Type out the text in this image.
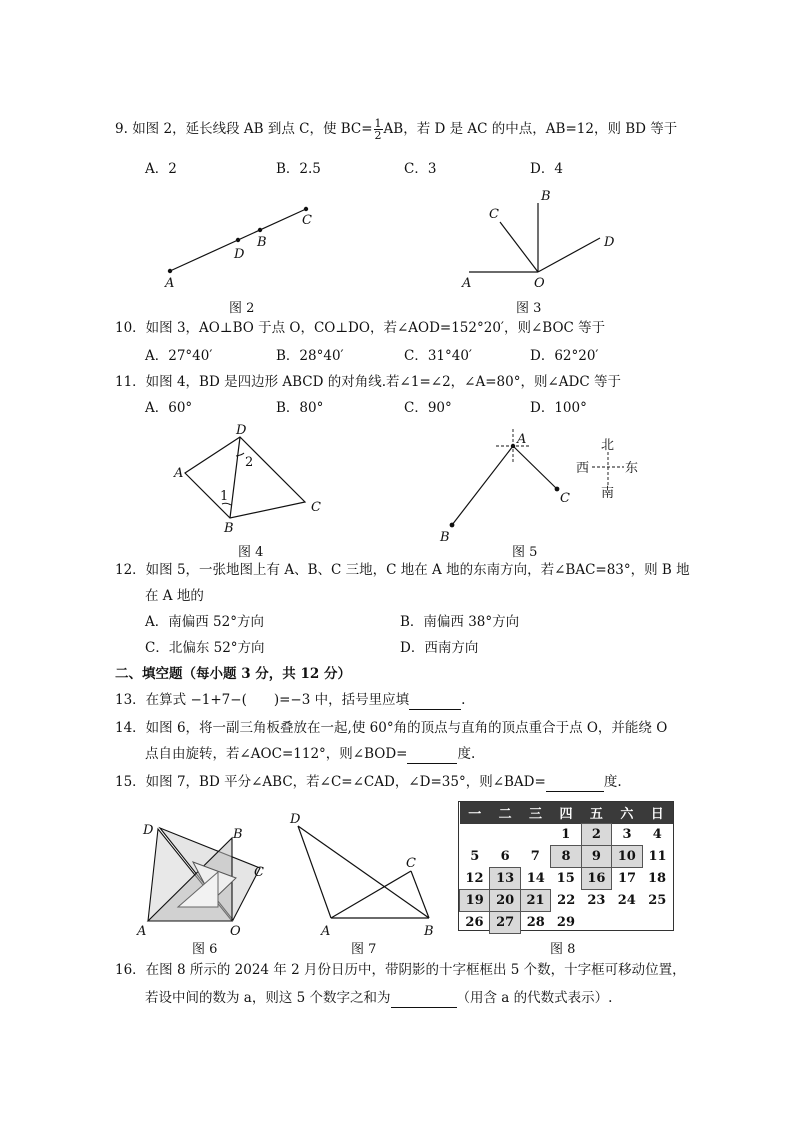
9. 如图 2，延长线段 AB 到点 C，使 $BC= \frac{1}{2}$ AB，若 D 是 AC 的中点，AB=12，则 BD 等于
A．2	B．2.5	C．3	D．4
A
D
B
C
A	O
C
B
D
D
A
B
C
1
2
A
B
C
北
南
西	东
D	B
C
A	O
D
C
A	B
图 2	图 3
10．如图 3，AO⊥BO 于点 O，CO⊥DO，若∠AOD=152°20′，则∠BOC 等于
A．27°40′	B．28°40′	C．31°40′	D．62°20′
11．如图 4，BD 是四边形 ABCD 的对角线.若∠1=∠2，∠A=80°，则∠ADC 等于
A．60°	B．80°	C．90°	D．100°
图 4	图 5
12．如图 5，一张地图上有 A、B、C 三地，C 地在 A 地的东南方向，若∠BAC=83°，则 B 地
在 A 地的
A．南偏西 52°方向	B．南偏西 38°方向
C．北偏东 52°方向	D．西南方向
二、填空题（每小题 3 分，共 12 分）
13．在算式 −1+7−(　　)=−3 中，括号里应填	.
14．如图 6，将一副三角板叠放在一起,使 60°角的顶点与直角的顶点重合于点 O，并能绕 O
点自由旋转，若∠AOC=112°，则∠BOD=	度.
15．如图 7，BD 平分∠ABC，若∠C=∠CAD，∠D=35°，则∠BAD=	度.
图 6	图 7
一	二	三	四	五	六	日
			1	2	3	4
5	6	7	8	9	10	11
12	13	14	15	16	17	18
19	20	21	22	23	24	25
26	27	28	29			
图 8
16．在图 8 所示的 2024 年 2 月份日历中，带阴影的十字框框出 5 个数，十字框可移动位置，
若设中间的数为 a，则这 5 个数字之和为	（用含 a 的代数式表示）.
